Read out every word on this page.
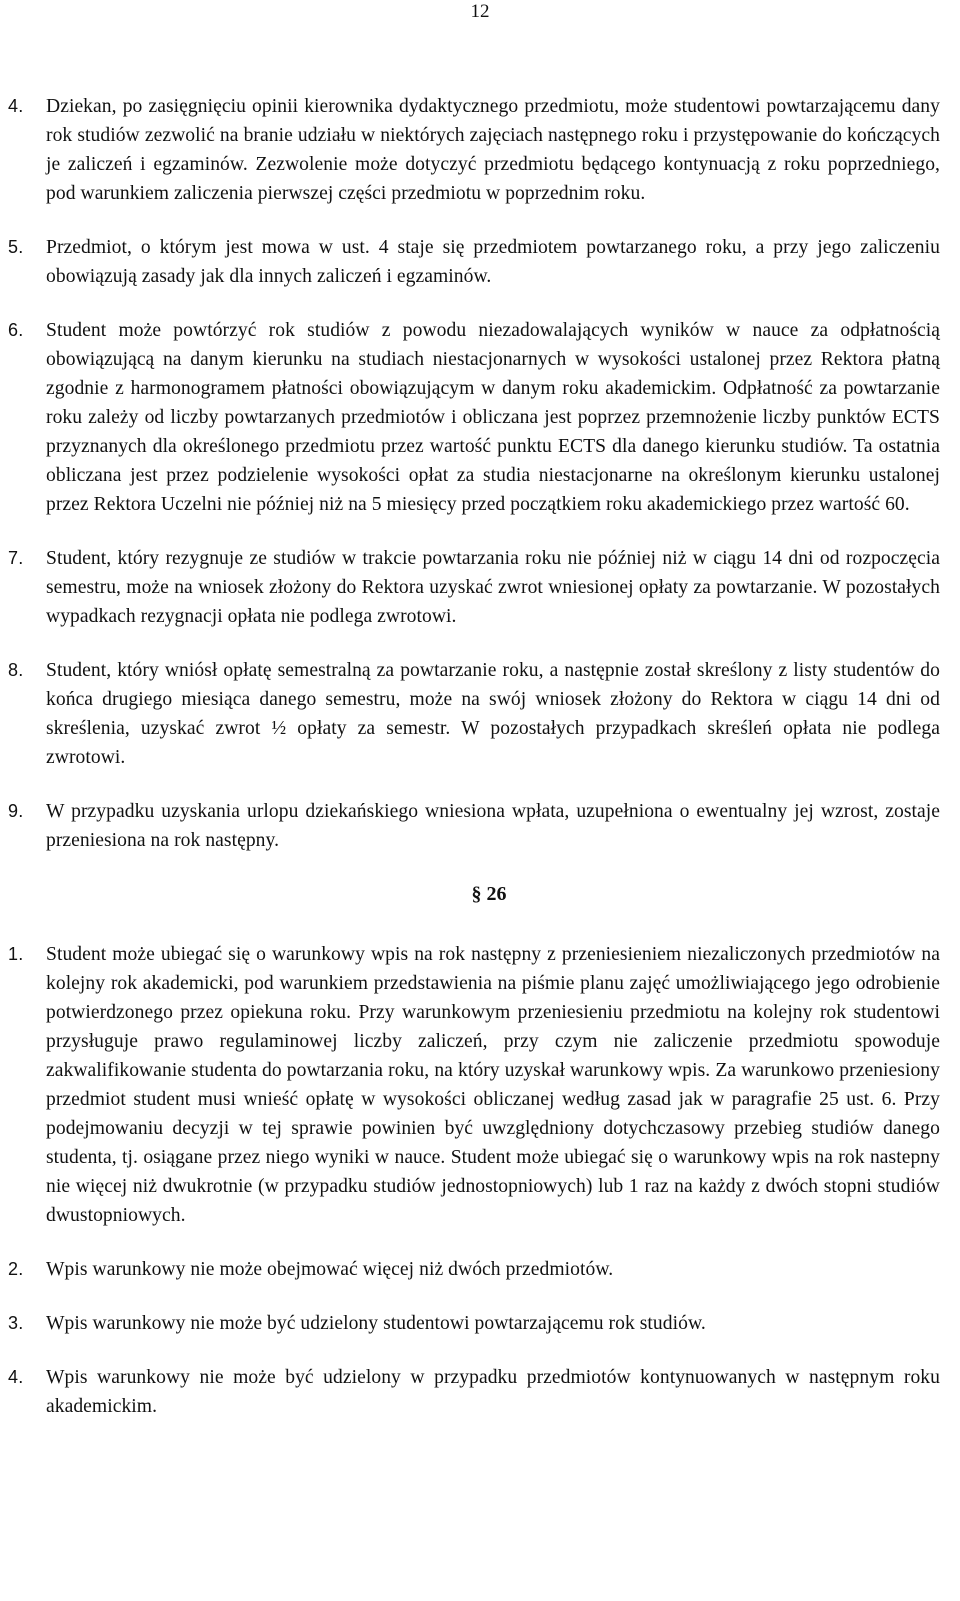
12
4.	Dziekan, po zasięgnięciu opinii kierownika dydaktycznego przedmiotu, może studentowi powtarzającemu dany rok studiów zezwolić na branie udziału w niektórych zajęciach następnego roku i przystępowanie do kończących je zaliczeń i egzaminów. Zezwolenie może dotyczyć przedmiotu będącego kontynuacją z roku poprzedniego, pod warunkiem zaliczenia pierwszej części przedmiotu w poprzednim roku.
5.	Przedmiot, o którym jest mowa w ust. 4 staje się przedmiotem powtarzanego roku, a przy jego zaliczeniu obowiązują zasady jak dla innych zaliczeń i egzaminów.
6.	Student może powtórzyć rok studiów z powodu niezadowalających wyników w nauce za odpłatnością obowiązującą na danym kierunku na studiach niestacjonarnych w wysokości ustalonej przez Rektora płatną zgodnie z harmonogramem płatności obowiązującym w danym roku akademickim. Odpłatność za powtarzanie roku zależy od liczby powtarzanych przedmiotów i obliczana jest poprzez przemnożenie liczby punktów ECTS przyznanych dla określonego przedmiotu przez wartość punktu ECTS dla danego kierunku studiów. Ta ostatnia obliczana jest przez podzielenie wysokości opłat za studia niestacjonarne na określonym kierunku ustalonej przez Rektora Uczelni nie później niż na 5 miesięcy przed początkiem roku akademickiego przez wartość 60.
7.	Student, który rezygnuje ze studiów w trakcie powtarzania roku nie później niż w ciągu 14 dni od rozpoczęcia semestru, może na wniosek złożony do Rektora uzyskać zwrot wniesionej opłaty za powtarzanie. W pozostałych wypadkach rezygnacji opłata nie podlega zwrotowi.
8.	Student, który wniósł opłatę semestralną za powtarzanie roku, a następnie został skreślony z listy studentów do końca drugiego miesiąca danego semestru, może na swój wniosek złożony do Rektora w ciągu 14 dni od skreślenia, uzyskać zwrot ½ opłaty za semestr. W pozostałych przypadkach skreśleń opłata nie podlega zwrotowi.
9.	W przypadku uzyskania urlopu dziekańskiego wniesiona wpłata, uzupełniona o ewentualny jej wzrost, zostaje przeniesiona na rok następny.
§ 26
1.	Student może ubiegać się o warunkowy wpis na rok następny z przeniesieniem niezaliczonych przedmiotów na kolejny rok akademicki, pod warunkiem przedstawienia na piśmie planu zajęć umożliwiającego jego odrobienie potwierdzonego przez opiekuna roku. Przy warunkowym przeniesieniu przedmiotu na kolejny rok studentowi przysługuje prawo regulaminowej liczby zaliczeń, przy czym nie zaliczenie przedmiotu spowoduje zakwalifikowanie studenta do powtarzania roku, na który uzyskał warunkowy wpis. Za warunkowo przeniesiony przedmiot student musi wnieść opłatę w wysokości obliczanej według zasad jak w paragrafie 25 ust. 6. Przy podejmowaniu decyzji w tej sprawie powinien być uwzględniony dotychczasowy przebieg studiów danego studenta, tj. osiągane przez niego wyniki w nauce. Student może ubiegać się o warunkowy wpis na rok nastepny nie więcej niż dwukrotnie (w przypadku studiów jednostopniowych) lub 1 raz na każdy z dwóch stopni studiów dwustopniowych.
2.	Wpis warunkowy nie może obejmować więcej niż dwóch przedmiotów.
3.	Wpis warunkowy nie może być udzielony studentowi powtarzającemu rok studiów.
4.	Wpis warunkowy nie może być udzielony w przypadku przedmiotów kontynuowanych w następnym roku akademickim.
